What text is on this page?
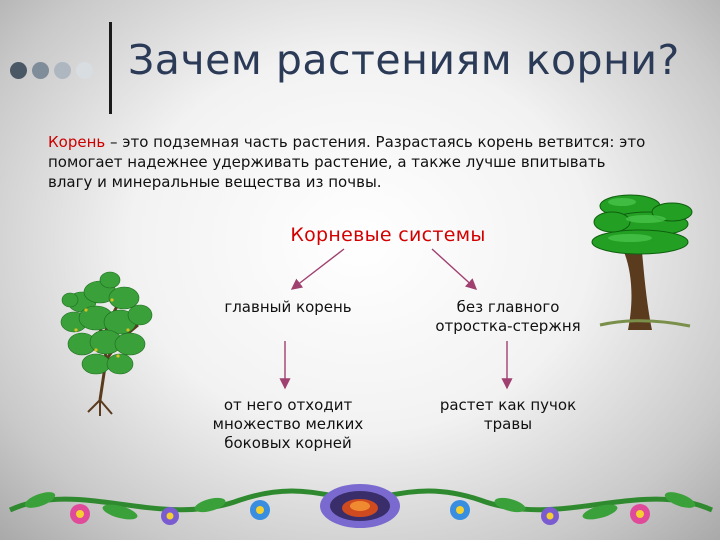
Зачем растениям корни?

Корень – это подземная часть растения. Разрастаясь корень ветвится: это помогает надежнее удерживать растение, а также лучше впитывать влагу и минеральные вещества из почвы.

Корневые системы
главный корень	без главного отростка-стержня
от него отходит множество мелких боковых корней
растет как пучок травы
